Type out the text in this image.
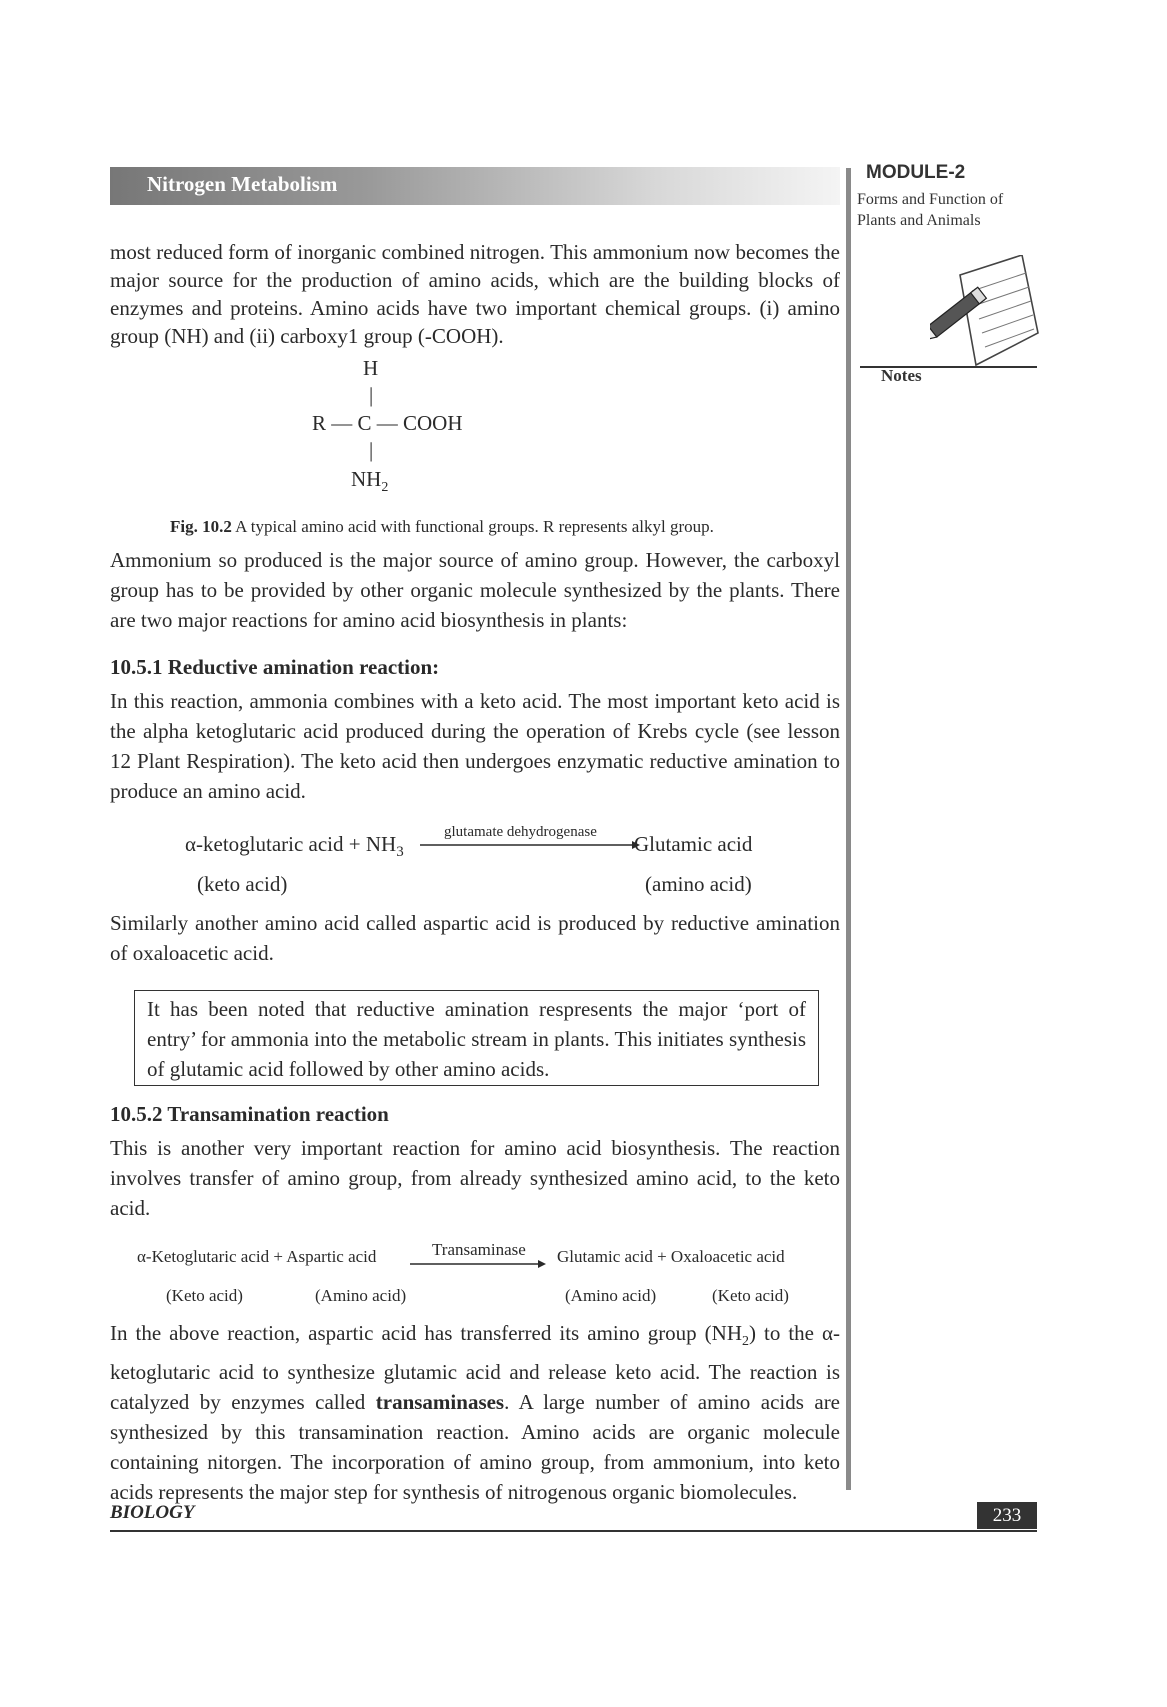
Nitrogen Metabolism	MODULE-2
Forms and Function of
Plants and Animals
Notes

most reduced form of inorganic combined nitrogen. This ammonium now becomes the major source for the production of amino acids, which are the building blocks of enzymes and proteins. Amino acids have two important chemical groups. (i) amino group (NH) and (ii) carboxy1 group (-COOH).

H
|
R — C — COOH
|
$NH_2$
Fig. 10.2 A typical amino acid with functional groups. R represents alkyl group.

Ammonium so produced is the major source of amino group. However, the carboxyl group has to be provided by other organic molecule synthesized by the plants. There are two major reactions for amino acid biosynthesis in plants:

10.5.1 Reductive amination reaction:

In this reaction, ammonia combines with a keto acid. The most important keto acid is the alpha ketoglutaric acid produced during the operation of Krebs cycle (see lesson 12 Plant Respiration). The keto acid then undergoes enzymatic reductive amination to produce an amino acid.

α-ketoglutaric acid + $NH_3$
glutamate dehydrogenase Glutamic acid
(keto acid)	(amino acid)

Similarly another amino acid called aspartic acid is produced by reductive amination of oxaloacetic acid.

It has been noted that reductive amination respresents the major ‘port of entry’ for ammonia into the metabolic stream in plants. This initiates synthesis of glutamic acid followed by other amino acids.

10.5.2 Transamination reaction

This is another very important reaction for amino acid biosynthesis. The reaction involves transfer of amino group, from already synthesized amino acid, to the keto acid.

α-Ketoglutaric acid + Aspartic acid	Transaminase Glutamic acid + Oxaloacetic acid
(Keto acid)	(Amino acid)	(Amino acid)	(Keto acid)

In the above reaction, aspartic acid has transferred its amino group $(NH_2)$ to the α-ketoglutaric acid to synthesize glutamic acid and release keto acid. The reaction is catalyzed by enzymes called transaminases. A large number of amino acids are synthesized by this transamination reaction. Amino acids are organic molecule containing nitorgen. The incorporation of amino group, from ammonium, into keto acids represents the major step for synthesis of nitrogenous organic biomolecules.

BIOLOGY	233
